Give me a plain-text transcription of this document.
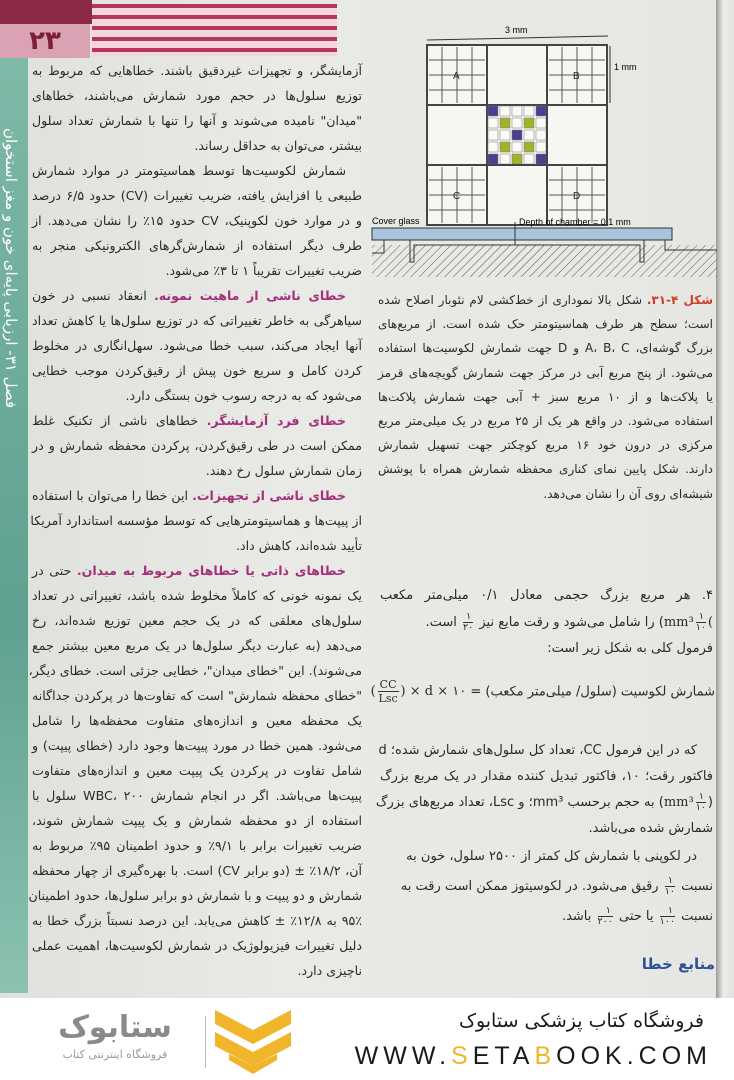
۲۳
فصل ۳۱- ارزیابی پایه‌ای خون و مغز استخوان
آزمایشگر، و تجهیزات غیردقیق باشند. خطاهایی که مربوط به
توزیع سلول‌ها در حجم مورد شمارش می‌باشند، خطاهای
"میدان" نامیده می‌شوند و آنها را تنها با شمارش تعداد سلول
بیشتر، می‌توان به حداقل رساند.
شمارش لکوسیت‌ها توسط هماسیتومتر در موارد شمارش
طبیعی یا افزایش یافته، ضریب تغییرات (CV) حدود ۶/۵ درصد
و در موارد خون لکوپنیک، CV حدود ۱۵٪ را نشان می‌دهد. از
طرف دیگر استفاده از شمارش‌گرهای الکترونیکی منجر به
ضریب تغییرات تقریباً ۱ تا ۳٪ می‌شود.
خطای ناشی از ماهیت نمونه. انعقاد نسبی در خون
سیاهرگی به خاطر تغییراتی که در توزیع سلول‌ها یا کاهش تعداد
آنها ایجاد می‌کند، سبب خطا می‌شود. سهل‌انگاری در مخلوط
کردن کامل و سریع خون پیش از رقیق‌کردن موجب خطایی
می‌شود که به درجه رسوب خون بستگی دارد.
خطای فرد آزمایشگر. خطاهای ناشی از تکنیک غلط
ممکن است در طی رقیق‌کردن، پرکردن محفظه شمارش و در
زمان شمارش سلول رخ دهند.
خطای ناشی از تجهیزات. این خطا را می‌توان با استفاده
از پیپت‌ها و هماسیتومترهایی که توسط مؤسسه استاندارد آمریکا
تأیید شده‌اند، کاهش داد.
خطاهای ذاتی یا خطاهای مربوط به میدان. حتی در
یک نمونه خونی که کاملاً مخلوط شده باشد، تغییراتی در تعداد
سلول‌های معلقی که در یک حجم معین توزیع شده‌اند، رخ
می‌دهد (به عبارت دیگر سلول‌ها در یک مربع معین بیشتر جمع
می‌شوند). این "خطای میدان"، خطایی جزئی است. خطای دیگر،
"خطای محفظه شمارش" است که تفاوت‌ها در پرکردن جداگانه
یک محفظه معین و اندازه‌های متفاوت محفظه‌ها را شامل
می‌شود. همین خطا در مورد پیپت‌ها وجود دارد (خطای پیپت) و
شامل تفاوت در پرکردن یک پیپت معین و اندازه‌های متفاوت
پیپت‌ها می‌باشد. اگر در انجام شمارش WBC، ۲۰۰ سلول با
استفاده از دو محفظه شمارش و یک پیپت شمارش شوند،
ضریب تغییرات برابر با ۹/۱٪ و حدود اطمینان ۹۵٪ مربوط به
آن، ۱۸/۲٪ ± (دو برابر CV) است. با بهره‌گیری از چهار محفظه
شمارش و دو پیپت و با شمارش دو برابر سلول‌ها، حدود اطمینان
۹۵٪ به ۱۲/۸٪ ± کاهش می‌یابد. این درصد نسبتاً بزرگ خطا به
دلیل تغییرات فیزیولوژیک در شمارش لکوسیت‌ها، اهمیت عملی
ناچیزی دارد.
A	B
C	D
3 mm
1 mm
Depth of chamber = 0.1 mm
Cover glass
شکل ۴-۳۱. شکل بالا نموداری از خط‌کشی لام نئوبار اصلاح شده
است؛ سطح هر طرف هماسیتومتر حک شده است. از مربع‌های
بزرگ گوشه‌ای، A، B، C و D جهت شمارش لکوسیت‌ها استفاده
می‌شود. از پنج مربع آبی در مرکز جهت شمارش گویچه‌های قرمز
یا پلاکت‌ها و از ۱۰ مربع سبز + آبی جهت شمارش پلاکت‌ها
استفاده می‌شود. در واقع هر یک از ۲۵ مربع در یک میلی‌متر مربع
مرکزی در درون خود ۱۶ مربع کوچکتر جهت تسهیل شمارش
دارند. شکل پایین نمای کناری محفظه شمارش همراه با پوشش
شیشه‌ای روی آن را نشان می‌دهد.
۴. هر مربع بزرگ حجمی معادل ۰/۱ میلی‌متر مکعب
(
$\frac{۱}{۱۰}$
mm³) را شامل می‌شود و رقت مایع نیز
$\frac{۱}{۲۰}$
است.
فرمول کلی به شکل زیر است:
شمارش لکوسیت (سلول/ میلی‌متر مکعب) = ( $\frac{CC}{\text{Lsc}}$ ) × d × ۱۰
که در این فرمول CC، تعداد کل سلول‌های شمارش شده؛ d
فاکتور رقت؛ ۱۰، فاکتور تبدیل کننده مقدار در یک مربع بزرگ
(
$\frac{۱}{۱۰}$
mm³) به حجم برحسب mm³؛ و Lsc، تعداد مربع‌های بزرگ
شمارش شده می‌باشد.
در لکوپنی با شمارش کل کمتر از ۲۵۰۰ سلول، خون به
نسبت
$\frac{۱}{۱۰}$
رقیق می‌شود. در لکوسیتوز ممکن است رقت به
نسبت
$\frac{۱}{۱۰۰}$
یا حتی
$\frac{۱}{۲۰۰}$
باشد.
منابع خطا
ستابوک
فروشگاه اینترنتی کتاب
فروشگاه کتاب پزشکی ستابوک
WWW.SETABOOK.COM
